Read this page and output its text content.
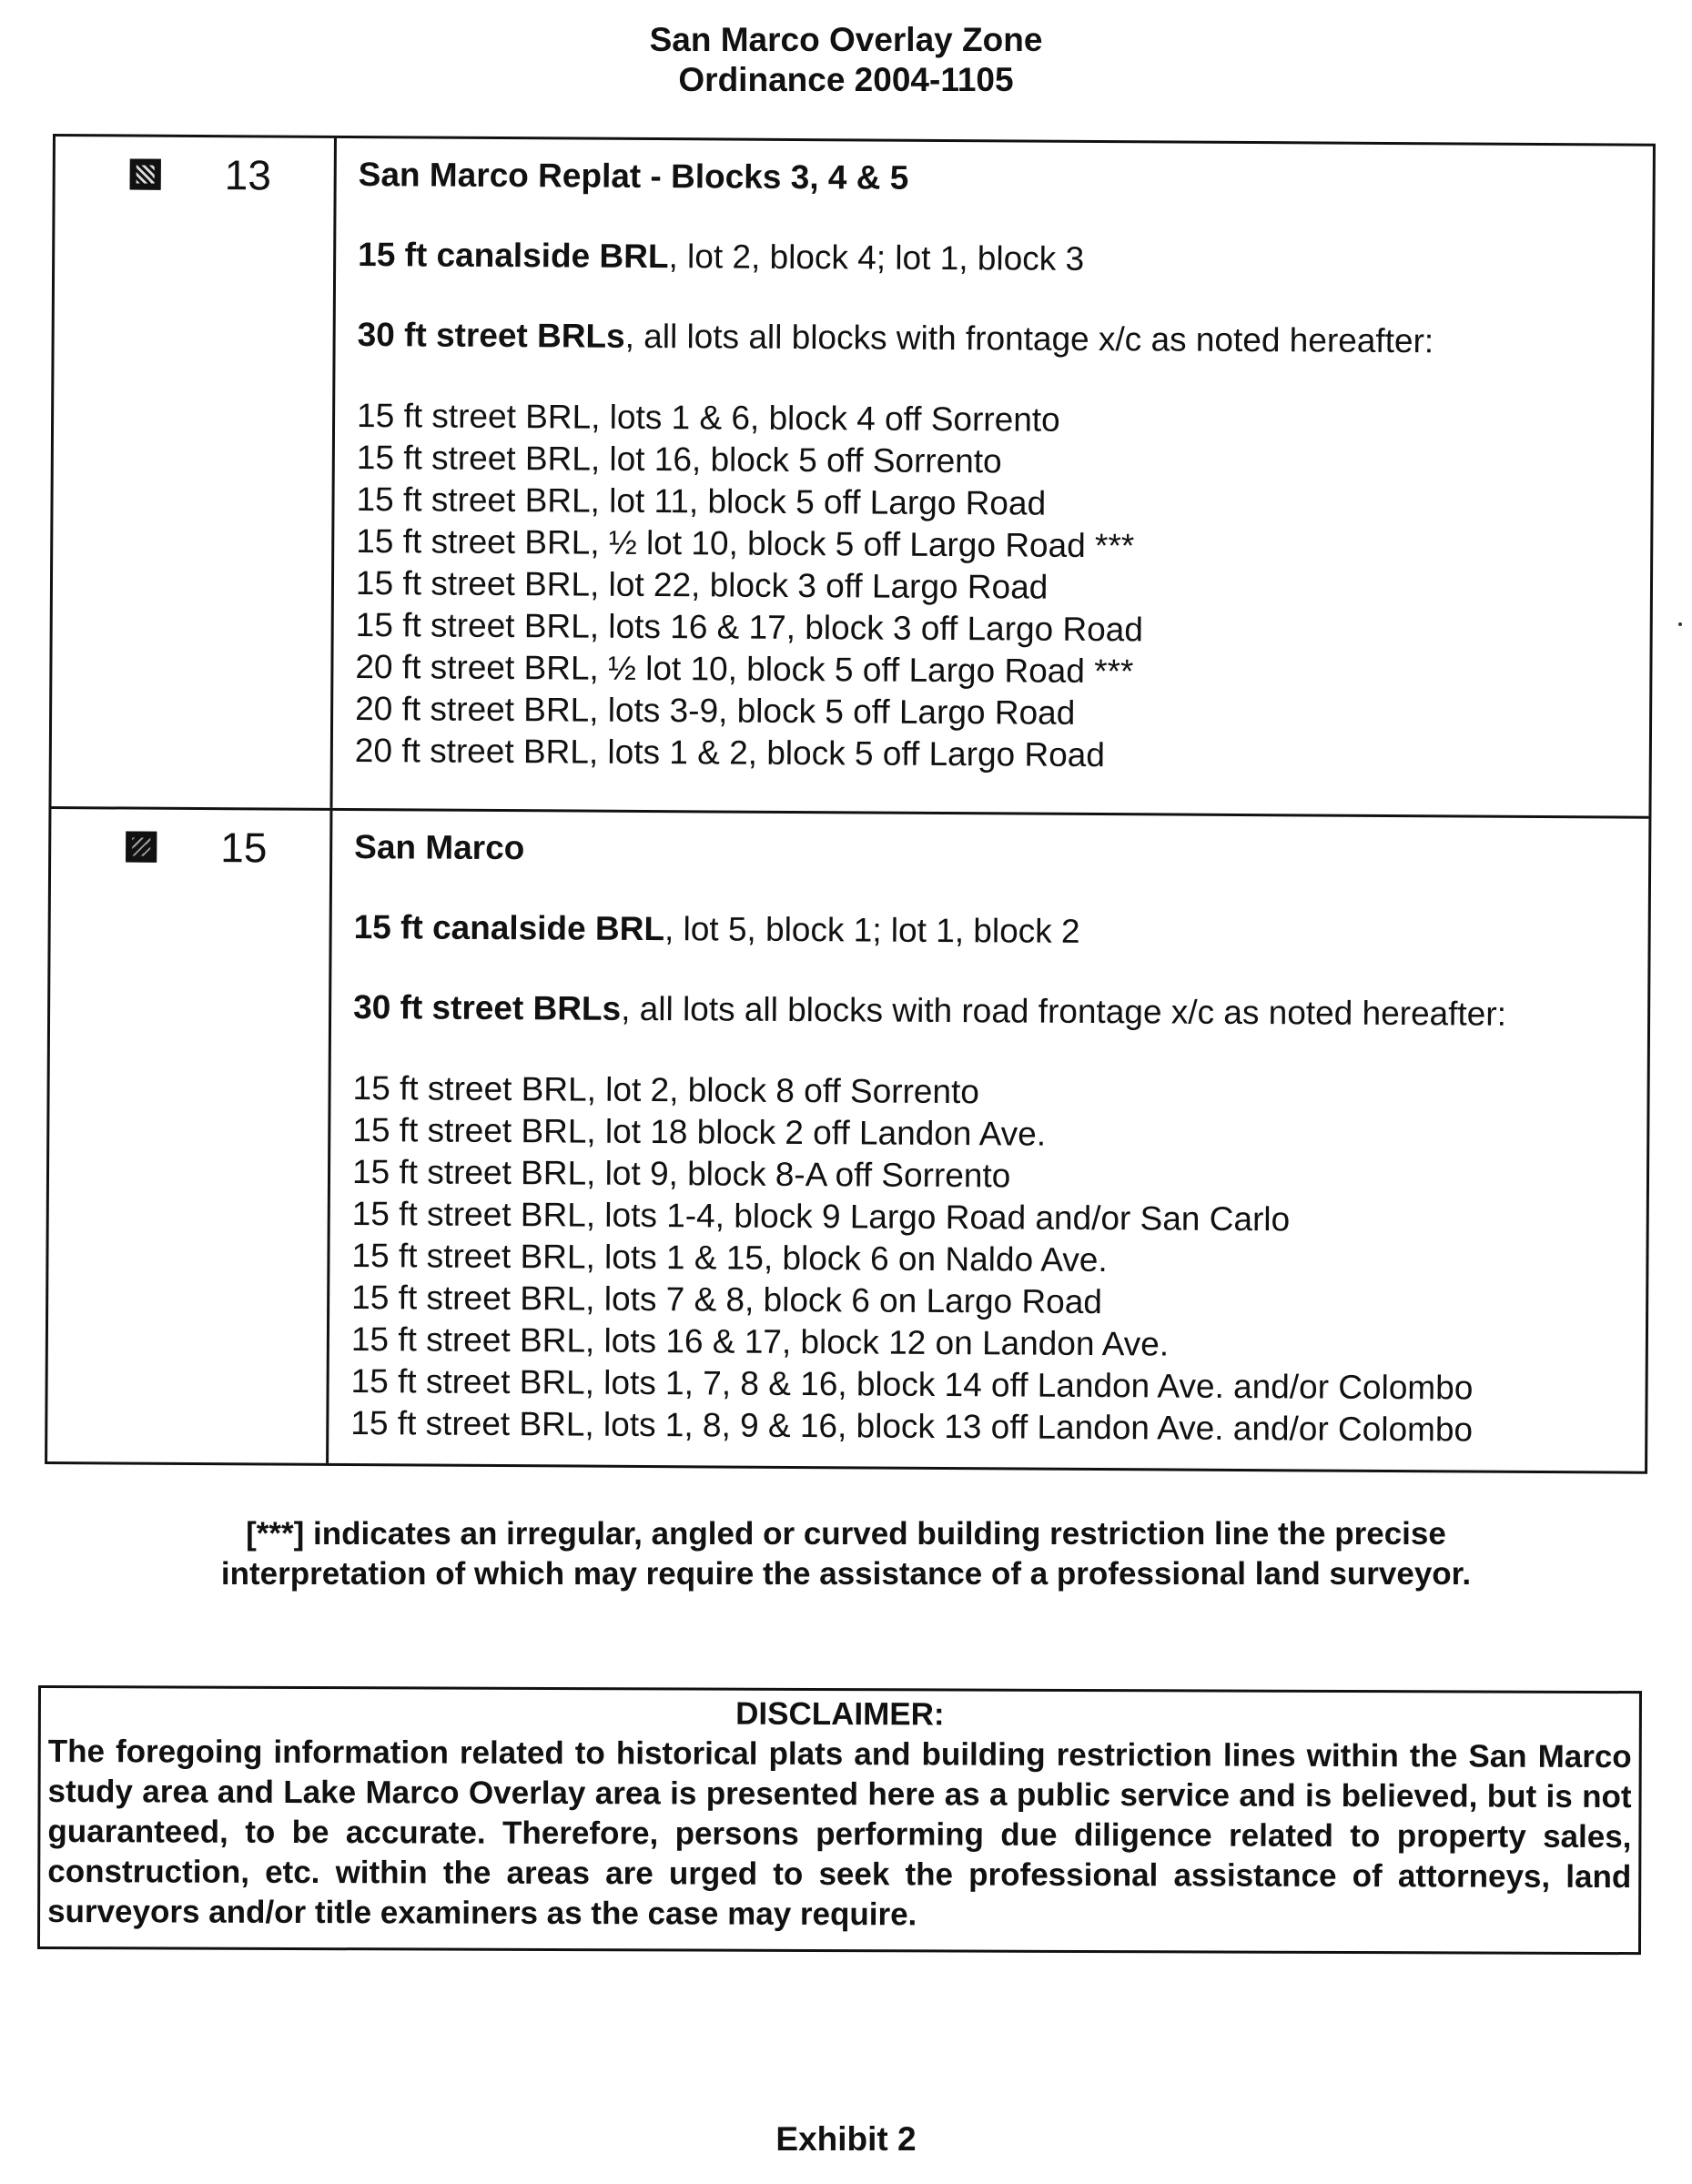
San Marco Overlay Zone
Ordinance 2004-1105
13	San Marco Replat - Blocks 3, 4 & 5
15 ft canalside BRL, lot 2, block 4; lot 1, block 3
30 ft street BRLs, all lots all blocks with frontage x/c as noted hereafter:
15 ft street BRL, lots 1 & 6, block 4 off Sorrento
15 ft street BRL, lot 16, block 5 off Sorrento
15 ft street BRL, lot 11, block 5 off Largo Road
15 ft street BRL, ½ lot 10, block 5 off Largo Road ***
15 ft street BRL, lot 22, block 3 off Largo Road
15 ft street BRL, lots 16 & 17, block 3 off Largo Road
20 ft street BRL, ½ lot 10, block 5 off Largo Road ***
20 ft street BRL, lots 3-9, block 5 off Largo Road
20 ft street BRL, lots 1 & 2, block 5 off Largo Road
15	San Marco
15 ft canalside BRL, lot 5, block 1; lot 1, block 2
30 ft street BRLs, all lots all blocks with road frontage x/c as noted hereafter:
15 ft street BRL, lot 2, block 8 off Sorrento
15 ft street BRL, lot 18 block 2 off Landon Ave.
15 ft street BRL, lot 9, block 8-A off Sorrento
15 ft street BRL, lots 1-4, block 9 Largo Road and/or San Carlo
15 ft street BRL, lots 1 & 15, block 6 on Naldo Ave.
15 ft street BRL, lots 7 & 8, block 6 on Largo Road
15 ft street BRL, lots 16 & 17, block 12 on Landon Ave.
15 ft street BRL, lots 1, 7, 8 & 16, block 14 off Landon Ave. and/or Colombo
15 ft street BRL, lots 1, 8, 9 & 16, block 13 off Landon Ave. and/or Colombo
[***] indicates an irregular, angled or curved building restriction line the precise
interpretation of which may require the assistance of a professional land surveyor.
DISCLAIMER:
The foregoing information related to historical plats and building restriction lines within the San Marco study area and Lake Marco Overlay area is presented here as a public service and is believed, but is not guaranteed, to be accurate. Therefore, persons performing due diligence related to property sales, construction, etc. within the areas are urged to seek the professional assistance of attorneys, land surveyors and/or title examiners as the case may require.
Exhibit 2
